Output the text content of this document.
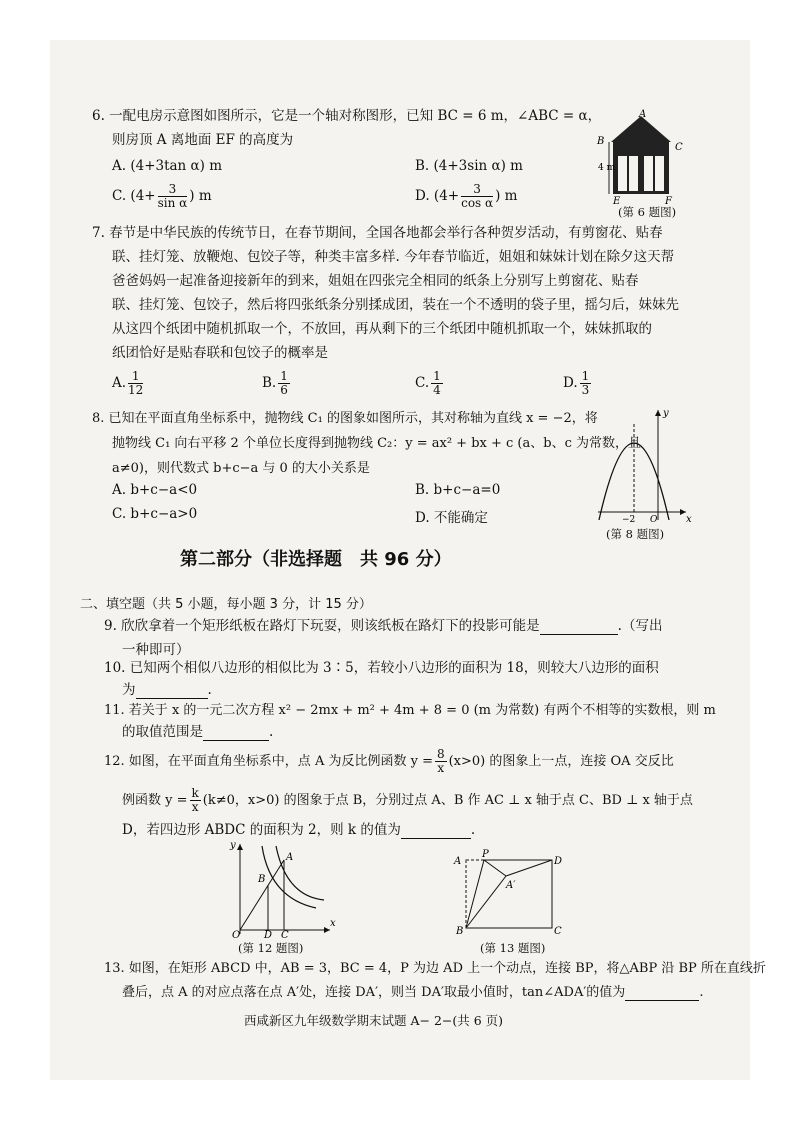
6. 一配电房示意图如图所示，它是一个轴对称图形，已知 BC = 6 m，∠ABC = α，
则房顶 A 离地面 EF 的高度为
A. (4+3tan α) m	B. (4+3sin α) m
C. ($4+ \frac{3}{\text{sin α}}$ ) m	D. ($4+ \frac{3}{\text{cos α}}$ ) m
A
B
C
4 m
E	F
(第 6 题图)
7. 春节是中华民族的传统节日，在春节期间，全国各地都会举行各种贺岁活动，有剪窗花、贴春
联、挂灯笼、放鞭炮、包饺子等，种类丰富多样. 今年春节临近，姐姐和妹妹计划在除夕这天帮
爸爸妈妈一起准备迎接新年的到来，姐姐在四张完全相同的纸条上分别写上剪窗花、贴春
联、挂灯笼、包饺子，然后将四张纸条分别揉成团，装在一个不透明的袋子里，摇匀后，妹妹先
从这四个纸团中随机抓取一个，不放回，再从剩下的三个纸团中随机抓取一个，妹妹抓取的
纸团恰好是贴春联和包饺子的概率是
A. $\frac{1}{12}$	B. $\frac{1}{6}$	C. $\frac{1}{4}$	D. $\frac{1}{3}$
8. 已知在平面直角坐标系中，抛物线 C₁ 的图象如图所示，其对称轴为直线 x = −2，将
抛物线 C₁ 向右平移 2 个单位长度得到抛物线 C₂：y = ax² + bx + c (a、b、c 为常数，且
a≠0)，则代数式 b+c−a 与 0 的大小关系是
A. b+c−a<0	B. b+c−a=0
C. b+c−a>0	D. 不能确定
y
x
−2 O
(第 8 题图)
第二部分（非选择题　共 96 分）
二、填空题（共 5 小题，每小题 3 分，计 15 分）
9. 欣欣拿着一个矩形纸板在路灯下玩耍，则该纸板在路灯下的投影可能是	.（写出
一种即可）
10. 已知两个相似八边形的相似比为 3∶5，若较小八边形的面积为 18，则较大八边形的面积
为	.
11. 若关于 x 的一元二次方程 x² − 2mx + m² + 4m + 8 = 0 (m 为常数) 有两个不相等的实数根，则 m
的取值范围是	.
12. 如图，在平面直角坐标系中，点 A 为反比例函数 $y = \frac{8}{x} (x>0)$ 的图象上一点，连接 OA 交反比
例函数 $y = \frac{k}{x} (k\ne 0$，x>0) 的图象于点 B，分别过点 A、B 作 AC ⊥ x 轴于点 C、BD ⊥ x 轴于点
D，若四边形 ABDC 的面积为 2，则 k 的值为	.
y
x
A
B
O D C
(第 12 题图)
A
P
D
A′
B	C
(第 13 题图)
13. 如图，在矩形 ABCD 中，AB = 3，BC = 4，P 为边 AD 上一个动点，连接 BP，将△ABP 沿 BP 所在直线折
叠后，点 A 的对应点落在点 A′处，连接 DA′，则当 DA′取最小值时，tan∠ADA′的值为	.
西咸新区九年级数学期末试题 A− 2−(共 6 页)
